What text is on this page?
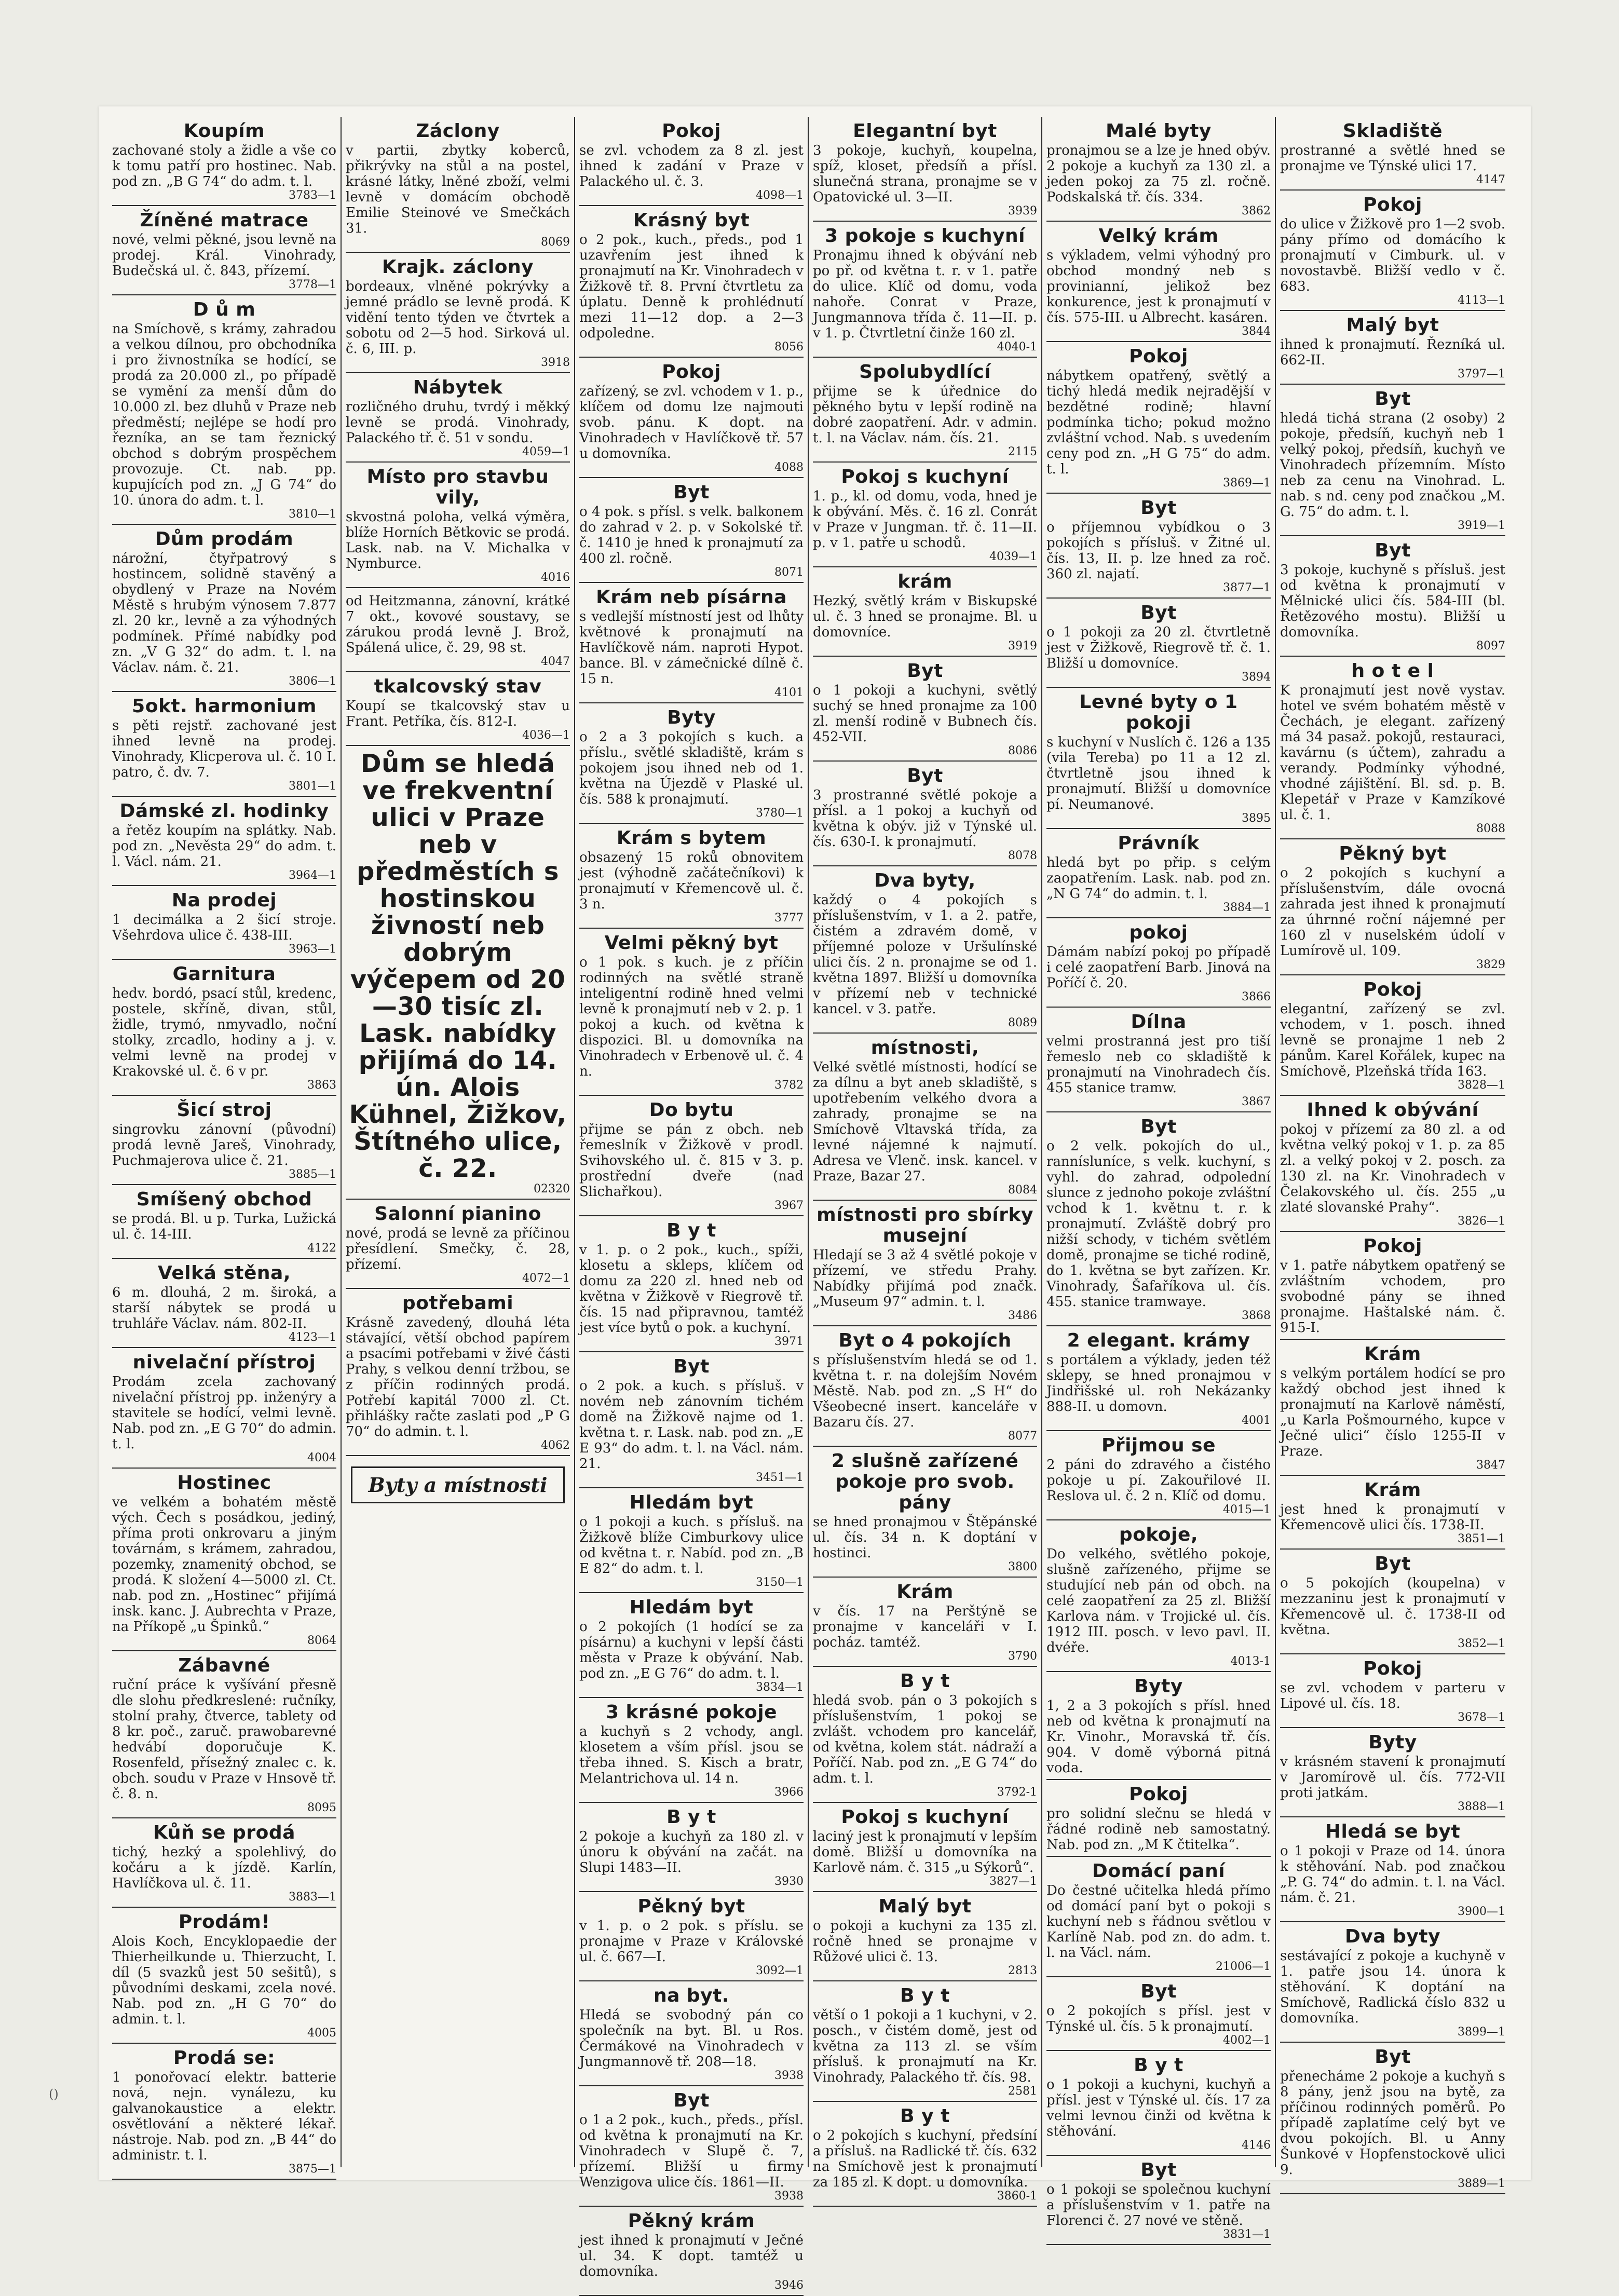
Koupím

zachované stoly a židle a vše co k tomu patří pro hostinec. Nab. pod zn. „B G 74“ do adm. t. l.

3783—1
Žíněné matrace

nové, velmi pěkné, jsou levně na prodej. Král. Vinohrady, Budečská ul. č. 843, přízemí.

3778—1
D ů m

na Smíchově, s krámy, zahradou a velkou dílnou, pro obchodníka i pro živnostníka se hodící, se prodá za 20.000 zl., po případě se vymění za menší dům do 10.000 zl. bez dluhů v Praze neb předměstí; nejlépe se hodí pro řezníka, an se tam řeznický obchod s dobrým prospěchem provozuje. Ct. nab. pp. kupujících pod zn. „J G 74“ do 10. února do adm. t. l.

3810—1
Dům prodám

nárožní, čtyřpatrový s hostincem, solidně stavěný a obydlený v Praze na Novém Městě s hrubým výnosem 7.877 zl. 20 kr., levně a za výhodných podmínek. Přímé nabídky pod zn. „V G 32“ do adm. t. l. na Václav. nám. č. 21.

3806—1
5okt. harmonium

s pěti rejstř. zachované jest ihned levně na prodej. Vinohrady, Klicperova ul. č. 10 I. patro, č. dv. 7.

3801—1
Dámské zl. hodinky

a řetěz koupím na splátky. Nab. pod zn. „Nevěsta 29“ do adm. t. l. Václ. nám. 21.

3964—1
Na prodej

1 decimálka a 2 šicí stroje. Všehrdova ulice č. 438-III.

3963—1
Garnitura

hedv. bordó, psací stůl, kredenc, postele, skříně, divan, stůl, židle, trymó, nmyvadlo, noční stolky, zrcadlo, hodiny a j. v. velmi levně na prodej v Krakovské ul. č. 6 v pr.

3863
Šicí stroj

singrovku zánovní (původní) prodá levně Jareš, Vinohrady, Puchmajerova ulice č. 21.

3885—1
Smíšený obchod

se prodá. Bl. u p. Turka, Lužická ul. č. 14-III.

4122
Velká stěna,

6 m. dlouhá, 2 m. široká, a starší nábytek se prodá u truhláře Václav. nám. 802-II.

4123—1
nivelační přístroj

Prodám zcela zachovaný nivelační přístroj pp. inženýry a stavitele se hodící, velmi levně. Nab. pod zn. „E G 70“ do admin. t. l.

4004
Hostinec

ve velkém a bohatém městě vých. Čech s posádkou, jediný, příma proti onkrovaru a jiným továrnám, s krámem, zahradou, pozemky, znamenitý obchod, se prodá. K složení 4—5000 zl. Ct. nab. pod zn. „Hostinec“ přijímá insk. kanc. J. Aubrechta v Praze, na Příkopě „u Špinků.“

8064
Zábavné

ruční práce k vyšívání přesně dle slohu předkreslené: ručníky, stolní prahy, čtverce, tablety od 8 kr. poč., zaruč. prawobarevné hedvábí doporučuje K. Rosenfeld, přísežný znalec c. k. obch. soudu v Praze v Hnsově tř. č. 8. n.

8095
Kůň se prodá

tichý, hezký a spolehlivý, do kočáru a k jízdě. Karlín, Havlíčkova ul. č. 11.

3883—1
Prodám!

Alois Koch, Encyklopaedie der Thierheilkunde u. Thierzucht, I. díl (5 svazků jest 50 sešitů), s původními deskami, zcela nové. Nab. pod zn. „H G 70“ do admin. t. l.

4005
Prodá se:

1 ponořovací elektr. batterie nová, nejn. vynálezu, ku galvanokaustice a elektr. osvětlování a některé lékař. nástroje. Nab. pod zn. „B 44“ do administr. t. l.

3875—1
Záclony

v partii, zbytky koberců, přikrývky na stůl a na postel, krásné látky, lněné zboží, velmi levně v domácím obchodě Emilie Steinové ve Smečkách 31.

8069
Krajk. záclony

bordeaux, vlněné pokrývky a jemné prádlo se levně prodá. K vidění tento týden ve čtvrtek a sobotu od 2—5 hod. Sirková ul. č. 6, III. p.

3918
Nábytek

rozličného druhu, tvrdý i měkký levně se prodá. Vinohrady, Palackého tř. č. 51 v sondu.

4059—1
Místo pro stavbu vily,

skvostná poloha, velká výměra, blíže Horních Bětkovic se prodá. Lask. nab. na V. Michalka v Nymburce.

4016

od Heitzmanna, zánovní, krátké 7 okt., kovové soustavy, se zárukou prodá levně J. Brož, Spálená ulice, č. 29, 98 st.

4047
tkalcovský stav

Koupí se tkalcovský stav u Frant. Petříka, čís. 812-I.

4036—1
Dům se hledá ve frekventní ulici v Praze neb v předměstích s hostinskou živností neb dobrým výčepem od 20—30 tisíc zl. Lask. nabídky přijímá do 14. ún. Alois Kühnel, Žižkov, Štítného ulice, č. 22.

02320
Salonní pianino

nové, prodá se levně za příčinou přesídlení. Smečky, č. 28, přízemí.

4072—1
potřebami

Krásně zavedený, dlouhá léta stávající, větší obchod papírem a psacími potřebami v živé části Prahy, s velkou denní tržbou, se z příčin rodinných prodá. Potřebí kapitál 7000 zl. Ct. přihlášky račte zaslati pod „P G 70“ do admin. t. l.

4062
Byty a místnosti
Pokoj

se zvl. vchodem za 8 zl. jest ihned k zadání v Praze v Palackého ul. č. 3.

4098—1
Krásný byt

o 2 pok., kuch., předs., pod 1 uzavřením jest ihned k pronajmutí na Kr. Vinohradech v Žižkově tř. 8. První čtvrtletu za úplatu. Denně k prohlédnutí mezi 11—12 dop. a 2—3 odpoledne.

8056
Pokoj

zařízený, se zvl. vchodem v 1. p., klíčem od domu lze najmouti svob. pánu. K dopt. na Vinohradech v Havlíčkově tř. 57 u domovníka.

4088
Byt

o 4 pok. s přísl. s velk. balkonem do zahrad v 2. p. v Sokolské tř. č. 1410 je hned k pronajmutí za 400 zl. ročně.

8071
Krám neb písárna

s vedlejší místností jest od lhůty květnové k pronajmutí na Havlíčkově nám. naproti Hypot. bance. Bl. v zámečnické dílně č. 15 n.

4101
Byty

o 2 a 3 pokojích s kuch. a příslu., světlé skladiště, krám s pokojem jsou ihned neb od 1. května na Újezdě v Plaské ul. čís. 588 k pronajmutí.

3780—1
Krám s bytem

obsazený 15 roků obnovitem jest (výhodně začátečníkovi) k pronajmutí v Křemencově ul. č. 3 n.

3777
Velmi pěkný byt

o 1 pok. s kuch. je z příčin rodinných na světlé straně inteligentní rodině hned velmi levně k pronajmutí neb v 2. p. 1 pokoj a kuch. od května k dispozici. Bl. u domovníka na Vinohradech v Erbenově ul. č. 4 n.

3782
Do bytu

přijme se pán z obch. neb řemeslník v Žižkově v prodl. Svihovského ul. č. 815 v 3. p. prostřední dveře (nad Slichařkou).

3967
B y t

v 1. p. o 2 pok., kuch., spíži, klosetu a skleps, klíčem od domu za 220 zl. hned neb od května v Žižkově v Riegrově tř. čís. 15 nad připravnou, tamtéž jest více bytů o pok. a kuchyní.

3971
Byt

o 2 pok. a kuch. s přísluš. v novém neb zánovním tichém domě na Žižkově najme od 1. května t. r. Lask. nab. pod zn. „E E 93“ do adm. t. l. na Václ. nám. 21.

3451—1
Hledám byt

o 1 pokoji a kuch. s přísluš. na Žižkově blíže Cimburkovy ulice od května t. r. Nabíd. pod zn. „B E 82“ do adm. t. l.

3150—1
Hledám byt

o 2 pokojích (1 hodící se za písárnu) a kuchyni v lepší části města v Praze k obývání. Nab. pod zn. „E G 76“ do adm. t. l.

3834—1
3 krásné pokoje

a kuchyň s 2 vchody, angl. klosetem a vším přísl. jsou se třeba ihned. S. Kisch a bratr, Melantrichova ul. 14 n.

3966
B y t

2 pokoje a kuchyň za 180 zl. v únoru k obývání na začát. na Slupi 1483—II.

3930
Pěkný byt

v 1. p. o 2 pok. s příslu. se pronajme v Praze v Královské ul. č. 667—I.

3092—1
na byt.

Hledá se svobodný pán co společník na byt. Bl. u Ros. Čermákové na Vinohradech v Jungmannově tř. 208—18.

3938
Byt

o 1 a 2 pok., kuch., předs., přísl. od května k pronajmutí na Kr. Vinohradech v Slupě č. 7, přízemí. Bližší u firmy Wenzigova ulice čís. 1861—II.

3938
Pěkný krám

jest ihned k pronajmutí v Ječné ul. 34. K dopt. tamtéž u domovníka.

3946
Elegantní byt

3 pokoje, kuchyň, koupelna, spíž, kloset, předsíň a přísl. slunečná strana, pronajme se v Opatovické ul. 3—II.

3939
3 pokoje s kuchyní

Pronajmu ihned k obývání neb po př. od května t. r. v 1. patře do ulice. Klíč od domu, voda nahoře. Conrat v Praze, Jungmannova třída č. 11—II. p. v 1. p. Čtvrtletní činže 160 zl.

4040-1
Spolubydlící

přijme se k úřednice do pěkného bytu v lepší rodině na dobré zaopatření. Adr. v admin. t. l. na Václav. nám. čís. 21.

2115
Pokoj s kuchyní

1. p., kl. od domu, voda, hned je k obývání. Měs. č. 16 zl. Conrát v Praze v Jungman. tř. č. 11—II. p. v 1. patře u schodů.

4039—1
krám

Hezký, světlý krám v Biskupské ul. č. 3 hned se pronajme. Bl. u domovníce.

3919
Byt

o 1 pokoji a kuchyni, světlý suchý se hned pronajme za 100 zl. menší rodině v Bubnech čís. 452-VII.

8086
Byt

3 prostranné světlé pokoje a přísl. a 1 pokoj a kuchyň od května k obýv. již v Týnské ul. čís. 630-I. k pronajmutí.

8078
Dva byty,

každý o 4 pokojích s příslušenstvím, v 1. a 2. patře, čistém a zdravém domě, v příjemné poloze v Uršulínské ulici čís. 2 n. pronajme se od 1. května 1897. Bližší u domovníka v přízemí neb v technické kancel. v 3. patře.

8089
místnosti,

Velké světlé místnosti, hodící se za dílnu a byt aneb skladiště, s upotřebením velkého dvora a zahrady, pronajme se na Smíchově Vltavská třída, za levné nájemné k najmutí. Adresa ve Vlenč. insk. kancel. v Praze, Bazar 27.

8084
místnosti pro sbírky musejní

Hledají se 3 až 4 světlé pokoje v přízemí, ve středu Prahy. Nabídky přijímá pod značk. „Museum 97“ admin. t. l.

3486
Byt o 4 pokojích

s příslušenstvím hledá se od 1. května t. r. na dolejším Novém Městě. Nab. pod zn. „S H“ do Všeobecné insert. kanceláře v Bazaru čís. 27.

8077
2 slušně zařízené pokoje pro svob. pány

se hned pronajmou v Štěpánské ul. čís. 34 n. K doptání v hostinci.

3800
Krám

v čís. 17 na Perštýně se pronajme v kanceláři v I. pocház. tamtéž.

3790
B y t

hledá svob. pán o 3 pokojích s příslušenstvím, 1 pokoj se zvlášt. vchodem pro kancelář, od května, kolem stát. nádraží a Poříčí. Nab. pod zn. „E G 74“ do adm. t. l.

3792-1
Pokoj s kuchyní

laciný jest k pronajmutí v lepším domě. Bližší u domovníka na Karlově nám. č. 315 „u Sýkorů“.

3827—1
Malý byt

o pokoji a kuchyni za 135 zl. ročně hned se pronajme v Růžové ulici č. 13.

2813
B y t

větší o 1 pokoji a 1 kuchyni, v 2. posch., v čistém domě, jest od května za 113 zl. se vším přísluš. k pronajmutí na Kr. Vinohrady, Palackého tř. čís. 98.

2581
B y t

o 2 pokojích s kuchyní, předsíní a přísluš. na Radlické tř. čís. 632 na Smíchově jest k pronajmutí za 185 zl. K dopt. u domovníka.

3860-1
Malé byty

pronajmou se a lze je hned obýv. 2 pokoje a kuchyň za 130 zl. a jeden pokoj za 75 zl. ročně. Podskalská tř. čís. 334.

3862
Velký krám

s výkladem, velmi výhodný pro obchod mondný neb s provinianní, jelikož bez konkurence, jest k pronajmutí v čís. 575-III. u Albrecht. kasáren.

3844
Pokoj

nábytkem opatřený, světlý a tichý hledá medik nejradější v bezdětné rodině; hlavní podmínka ticho; pokud možno zvláštní vchod. Nab. s uvedením ceny pod zn. „H G 75“ do adm. t. l.

3869—1
Byt

o příjemnou vybídkou o 3 pokojích s přísluš. v Žitné ul. čís. 13, II. p. lze hned za roč. 360 zl. najatí.

3877—1
Byt

o 1 pokoji za 20 zl. čtvrtletně jest v Žižkově, Riegrově tř. č. 1. Bližší u domovníce.

3894
Levné byty o 1 pokoji

s kuchyní v Nuslích č. 126 a 135 (vila Tereba) po 11 a 12 zl. čtvrtletně jsou ihned k pronajmutí. Bližší u domovníce pí. Neumanové.

3895
Právník

hledá byt po přip. s celým zaopatřením. Lask. nab. pod zn. „N G 74“ do admin. t. l.

3884—1
pokoj

Dámám nabízí pokoj po případě i celé zaopatření Barb. Jinová na Poříčí č. 20.

3866
Dílna

velmi prostranná jest pro tiší řemeslo neb co skladiště k pronajmutí na Vinohradech čís. 455 stanice tramw.

3867
Byt

o 2 velk. pokojích do ul., rannísluníce, s velk. kuchyní, s vyhl. do zahrad, odpolední slunce z jednoho pokoje zvláštní vchod k 1. květnu t. r. k pronajmutí. Zvláště dobrý pro nižší schody, v tichém světlém domě, pronajme se tiché rodině, do 1. května se byt zařízen. Kr. Vinohrady, Šafaříkova ul. čís. 455. stanice tramwaye.

3868
2 elegant. krámy

s portálem a výklady, jeden též sklepy, se hned pronajmou v Jindřišské ul. roh Nekázanky 888-II. u domovn.

4001
Přijmou se

2 páni do zdravého a čistého pokoje u pí. Zakouřilové II. Reslova ul. č. 2 n. Klíč od domu.

4015—1
pokoje,

Do velkého, světlého pokoje, slušně zařízeného, přijme se studující neb pán od obch. na celé zaopatření za 25 zl. Bližší Karlova nám. v Trojické ul. čís. 1912 III. posch. v levo pavl. II. dvéře.

4013-1
Byty

1, 2 a 3 pokojích s přísl. hned neb od května k pronajmutí na Kr. Vinohr., Moravská tř. čís. 904. V domě výborná pitná voda.

Pokoj

pro solidní slečnu se hledá v řádné rodině neb samostatný. Nab. pod zn. „M K čtitelka“.

Domácí paní

Do čestné učitelka hledá přímo od domácí paní byt o pokoji s kuchyní neb s řádnou světlou v Karlíně Nab. pod zn. do adm. t. l. na Václ. nám.

21006—1
Byt

o 2 pokojích s přísl. jest v Týnské ul. čís. 5 k pronajmutí.

4002—1
B y t

o 1 pokoji a kuchyni, kuchyň a přísl. jest v Týnské ul. čís. 17 za velmi levnou činži od května k stěhování.

4146
Byt

o 1 pokoji se společnou kuchyní a příslušenstvím v 1. patře na Florenci č. 27 nové ve stěně.

3831—1
Skladiště

prostranné a světlé hned se pronajme ve Týnské ulici 17.

4147
Pokoj

do ulice v Žižkově pro 1—2 svob. pány přímo od domácího k pronajmutí v Cimburk. ul. v novostavbě. Bližší vedlo v č. 683.

4113—1
Malý byt

ihned k pronajmutí. Řezníká ul. 662-II.

3797—1
Byt

hledá tichá strana (2 osoby) 2 pokoje, předsíň, kuchyň neb 1 velký pokoj, předsíň, kuchyň ve Vinohradech přízemním. Místo neb za cenu na Vinohrad. L. nab. s nd. ceny pod značkou „M. G. 75“ do adm. t. l.

3919—1
Byt

3 pokoje, kuchyně s přísluš. jest od května k pronajmutí v Mělnické ulici čís. 584-III (bl. Řetězového mostu). Bližší u domovníka.

8097
h o t e l

K pronajmutí jest nově vystav. hotel ve svém bohatém městě v Čechách, je elegant. zařízený má 34 pasaž. pokojů, restauraci, kavárnu (s účtem), zahradu a verandy. Podmínky výhodné, vhodné zájištění. Bl. sd. p. B. Klepetář v Praze v Kamzíkové ul. č. 1.

8088
Pěkný byt

o 2 pokojích s kuchyní a příslušenstvím, dále ovocná zahrada jest ihned k pronajmutí za úhrnné roční nájemné per 160 zl v nuselském údolí v Lumírově ul. 109.

3829
Pokoj

elegantní, zařízený se zvl. vchodem, v 1. posch. ihned levně se pronajme 1 neb 2 pánům. Karel Kořálek, kupec na Smíchově, Plzeňská třída 163.

3828—1
Ihned k obývání

pokoj v přízemí za 80 zl. a od května velký pokoj v 1. p. za 85 zl. a velký pokoj v 2. posch. za 130 zl. na Kr. Vinohradech v Čelakovského ul. čís. 255 „u zlaté slovanské Prahy“.

3826—1
Pokoj

v 1. patře nábytkem opatřený se zvláštním vchodem, pro svobodné pány se ihned pronajme. Haštalské nám. č. 915-I.

Krám

s velkým portálem hodící se pro každý obchod jest ihned k pronajmutí na Karlově náměstí, „u Karla Pošmourného, kupce v Ječné ulici“ číslo 1255-II v Praze.

3847
Krám

jest hned k pronajmutí v Křemencově ulici čís. 1738-II.

3851—1
Byt

o 5 pokojích (koupelna) v mezzaninu jest k pronajmutí v Křemencově ul. č. 1738-II od května.

3852—1
Pokoj

se zvl. vchodem v parteru v Lipové ul. čís. 18.

3678—1
Byty

v krásném stavení k pronajmutí v Jaromírově ul. čís. 772-VII proti jatkám.

3888—1
Hledá se byt

o 1 pokoji v Praze od 14. února k stěhování. Nab. pod značkou „P. G. 74“ do admin. t. l. na Václ. nám. č. 21.

3900—1
Dva byty

sestávající z pokoje a kuchyně v 1. patře jsou 14. února k stěhování. K doptání na Smíchově, Radlická číslo 832 u domovníka.

3899—1
Byt

přenecháme 2 pokoje a kuchyň s 8 pány, jenž jsou na bytě, za příčinou rodinných poměrů. Po případě zaplatíme celý byt ve dvou pokojích. Bl. u Anny Šunkové v Hopfenstockově ulici 9.

3889—1
()
